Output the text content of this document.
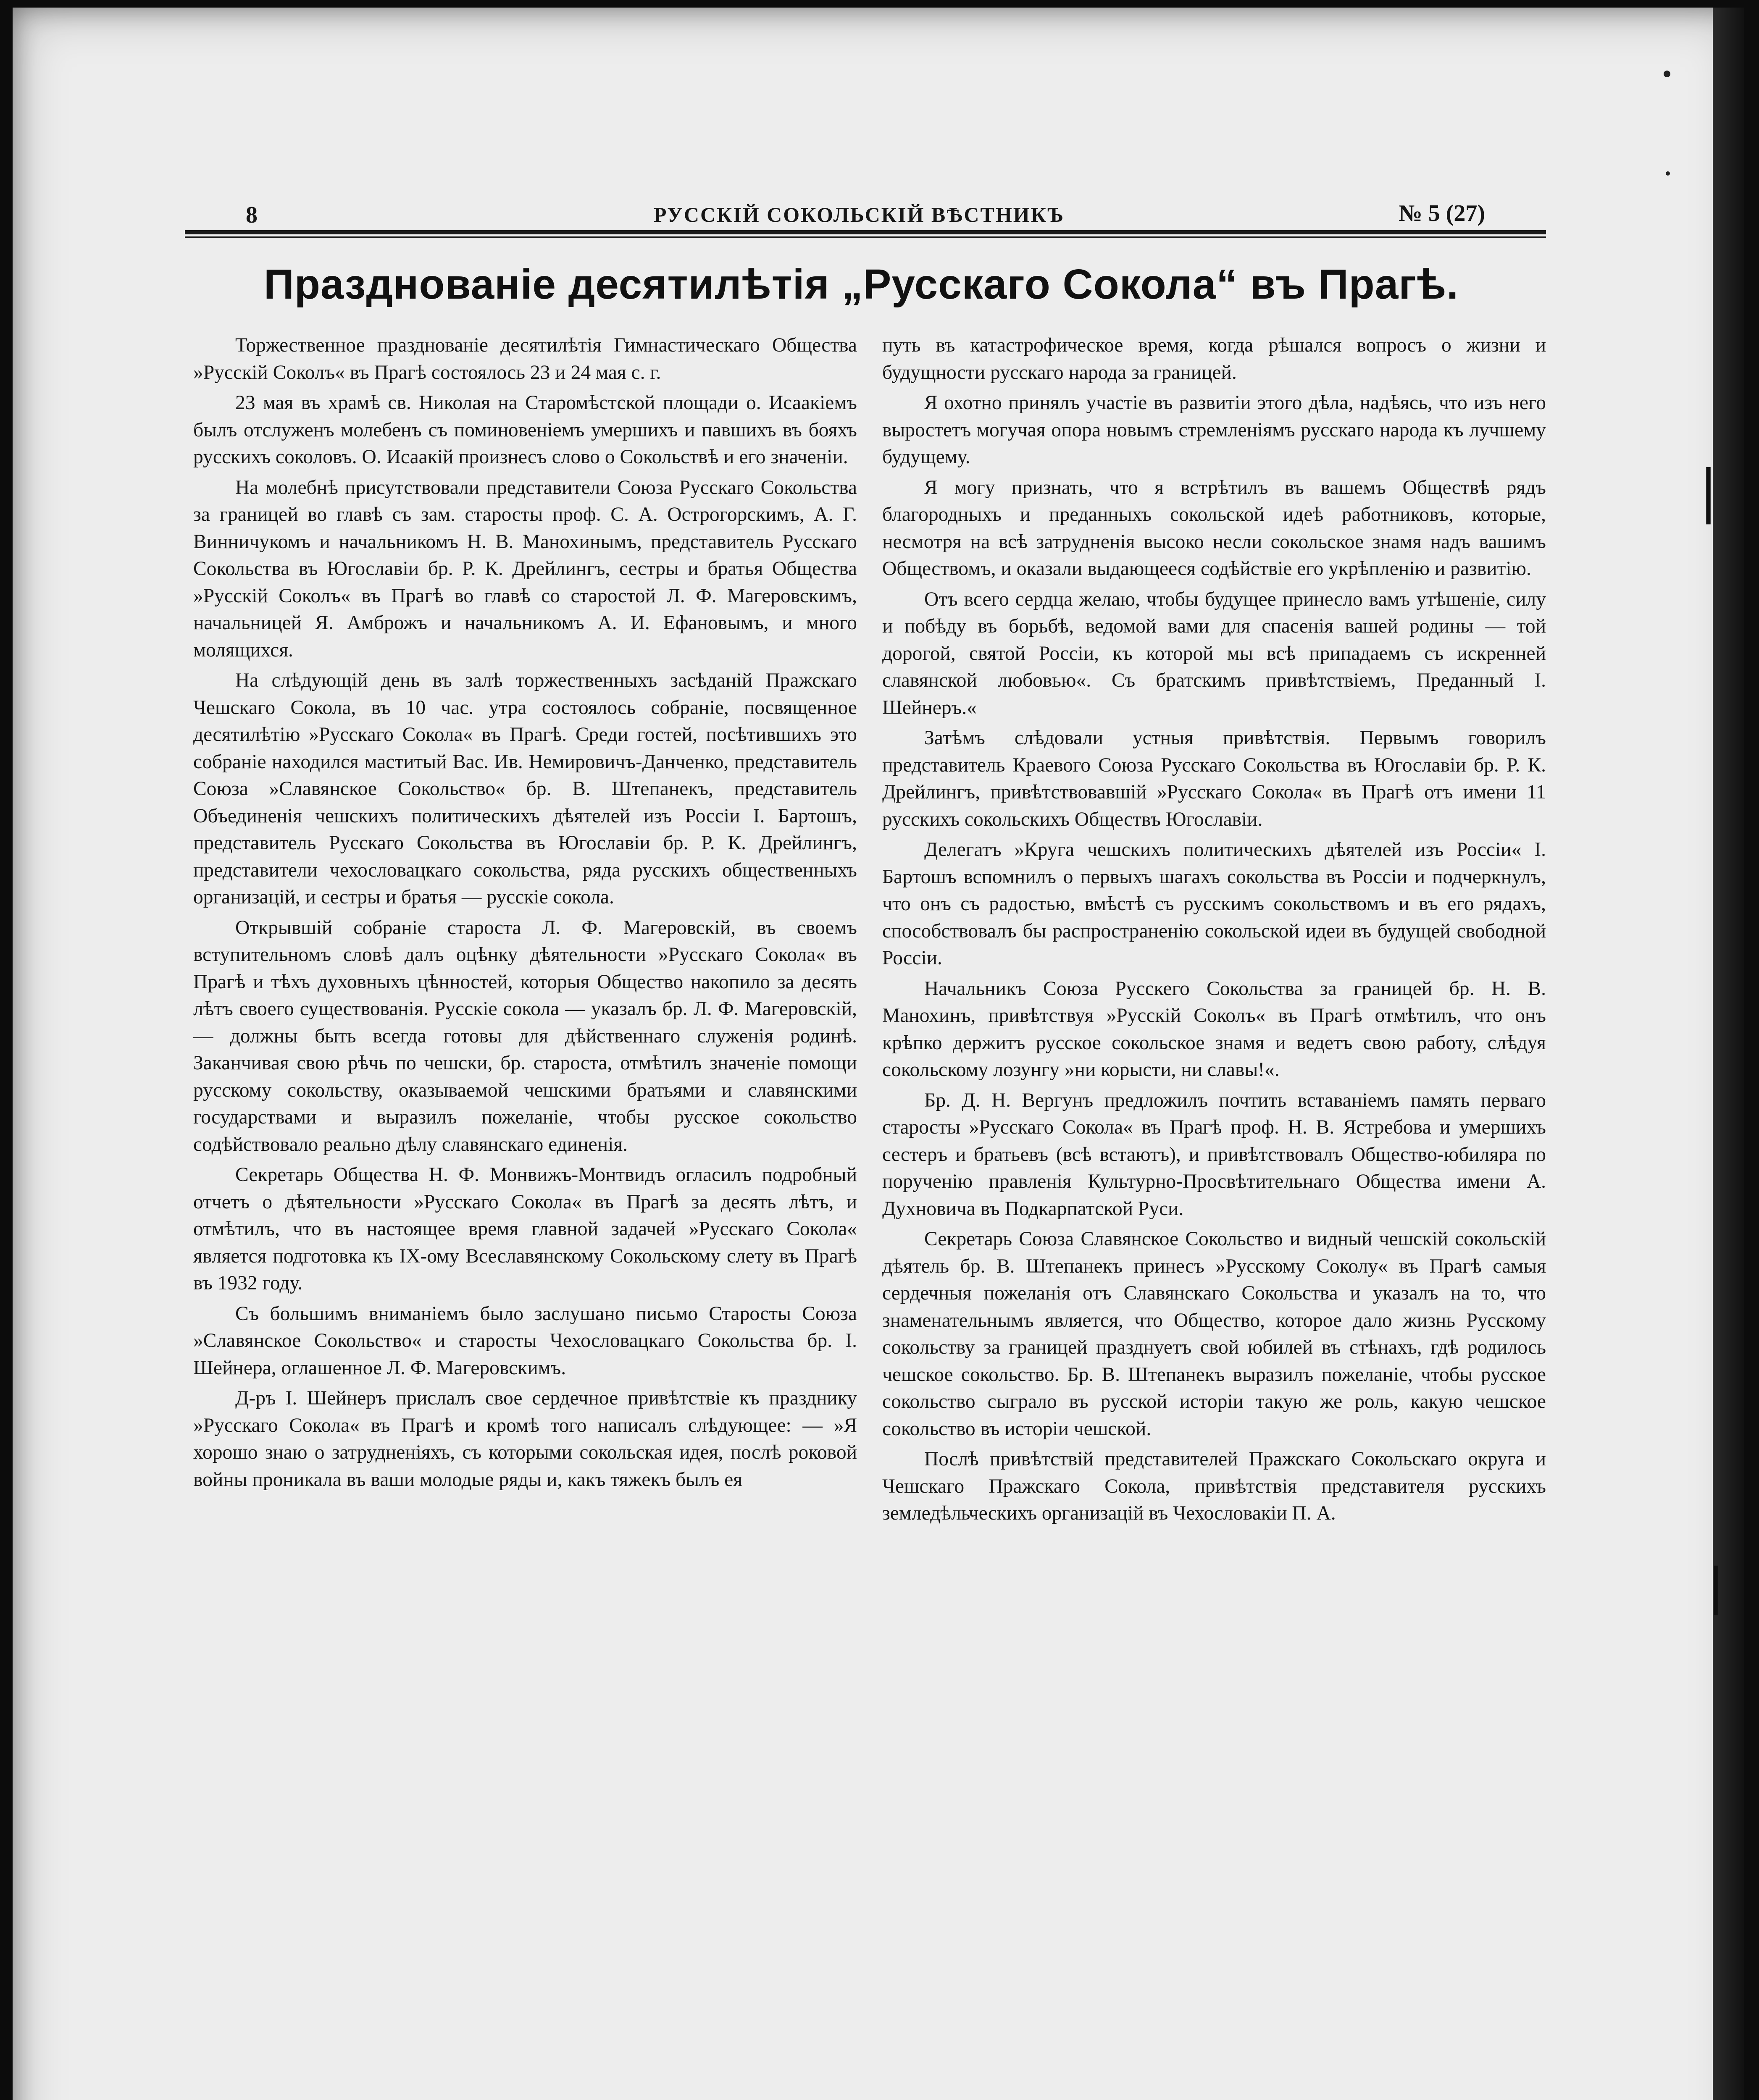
8	РУССКІЙ СОКОЛЬСКІЙ ВѢСТНИКЪ	№ 5 (27)
Празднованіе десятилѣтія „Русскаго Сокола“ въ Прагѣ.

Торжественное празднованіе десятилѣтія Гимнастическаго Общества »Русскій Соколъ« въ Прагѣ состоялось 23 и 24 мая с. г.

23 мая въ храмѣ св. Николая на Старомѣстской площади о. Исаакіемъ былъ отслуженъ молебенъ съ поминовеніемъ умершихъ и павшихъ въ бояхъ русскихъ соколовъ. О. Исаакій произнесъ слово о Сокольствѣ и его значеніи.

На молебнѣ присутствовали представители Союза Русскаго Сокольства за границей во главѣ съ зам. старосты проф. С. А. Острогорскимъ, А. Г. Винничукомъ и начальникомъ Н. В. Манохинымъ, представитель Русскаго Сокольства въ Югославіи бр. Р. К. Дрейлингъ, сестры и братья Общества »Русскій Соколъ« въ Прагѣ во главѣ со старостой Л. Ф. Магеровскимъ, начальницей Я. Амброжъ и начальникомъ А. И. Ефановымъ, и много молящихся.

На слѣдующій день въ залѣ торжественныхъ засѣданій Пражскаго Чешскаго Сокола, въ 10 час. утра состоялось собраніе, посвященное десятилѣтію »Русскаго Сокола« въ Прагѣ. Среди гостей, посѣтившихъ это собраніе находился маститый Вас. Ив. Немировичъ-Данченко, представитель Союза »Славянское Сокольство« бр. В. Штепанекъ, представитель Объединенія чешскихъ политическихъ дѣятелей изъ Россіи І. Бартошъ, представитель Русскаго Сокольства въ Югославіи бр. Р. К. Дрейлингъ, представители чехословацкаго сокольства, ряда русскихъ общественныхъ организацій, и сестры и братья — русскіе сокола.

Открывшій собраніе староста Л. Ф. Магеровскій, въ своемъ вступительномъ словѣ далъ оцѣнку дѣятельности »Русскаго Сокола« въ Прагѣ и тѣхъ духовныхъ цѣнностей, которыя Общество накопило за десять лѣтъ своего существованія. Русскіе сокола — указалъ бр. Л. Ф. Магеровскій, — должны быть всегда готовы для дѣйственнаго служенія родинѣ. Заканчивая свою рѣчь по чешски, бр. староста, отмѣтилъ значеніе помощи русскому сокольству, оказываемой чешскими братьями и славянскими государствами и выразилъ пожеланіе, чтобы русское сокольство содѣйствовало реально дѣлу славянскаго единенія.

Секретарь Общества Н. Ф. Монвижъ-Монтвидъ огласилъ подробный отчетъ о дѣятельности »Русскаго Сокола« въ Прагѣ за десять лѣтъ, и отмѣтилъ, что въ настоящее время главной задачей »Русскаго Сокола« является подготовка къ IX-ому Всеславянскому Сокольскому слету въ Прагѣ въ 1932 году.

Съ большимъ вниманіемъ было заслушано письмо Старосты Союза »Славянское Сокольство« и старосты Чехословацкаго Сокольства бр. І. Шейнера, оглашенное Л. Ф. Магеровскимъ.

Д-ръ І. Шейнеръ прислалъ свое сердечное привѣтствіе къ празднику »Русскаго Сокола« въ Прагѣ и кромѣ того написалъ слѣдующее: — »Я хорошо знаю о затрудненіяхъ, съ которыми сокольская идея, послѣ роковой войны проникала въ ваши молодые ряды и, какъ тяжекъ былъ ея

путь въ катастрофическое время, когда рѣшался вопросъ о жизни и будущности русскаго народа за границей.

Я охотно принялъ участіе въ развитіи этого дѣла, надѣясь, что изъ него выростетъ могучая опора новымъ стремленіямъ русскаго народа къ лучшему будущему.

Я могу признать, что я встрѣтилъ въ вашемъ Обществѣ рядъ благородныхъ и преданныхъ сокольской идеѣ работниковъ, которые, несмотря на всѣ затрудненія высоко несли сокольское знамя надъ вашимъ Обществомъ, и оказали выдающееся содѣйствіе его укрѣпленію и развитію.

Отъ всего сердца желаю, чтобы будущее принесло вамъ утѣшеніе, силу и побѣду въ борьбѣ, ведомой вами для спасенія вашей родины — той дорогой, святой Россіи, къ которой мы всѣ припадаемъ съ искренней славянской любовью«. Съ братскимъ привѣтствіемъ, Преданный І. Шейнеръ.«

Затѣмъ слѣдовали устныя привѣтствія. Первымъ говорилъ представитель Краевого Союза Русскаго Сокольства въ Югославіи бр. Р. К. Дрейлингъ, привѣтствовавшій »Русскаго Сокола« въ Прагѣ отъ имени 11 русскихъ сокольскихъ Обществъ Югославіи.

Делегатъ »Круга чешскихъ политическихъ дѣятелей изъ Россіи« І. Бартошъ вспомнилъ о первыхъ шагахъ сокольства въ Россіи и подчеркнулъ, что онъ съ радостью, вмѣстѣ съ русскимъ сокольствомъ и въ его рядахъ, способствовалъ бы распространенію сокольской идеи въ будущей свободной Россіи.

Начальникъ Союза Русскего Сокольства за границей бр. Н. В. Манохинъ, привѣтствуя »Русскій Соколъ« въ Прагѣ отмѣтилъ, что онъ крѣпко держитъ русское сокольское знамя и ведетъ свою работу, слѣдуя сокольскому лозунгу »ни корысти, ни славы!«.

Бр. Д. Н. Вергунъ предложилъ почтить вставаніемъ память перваго старосты »Русскаго Сокола« въ Прагѣ проф. Н. В. Ястребова и умершихъ сестеръ и братьевъ (всѣ встаютъ), и привѣтствовалъ Общество-юбиляра по порученію правленія Культурно-Просвѣтительнаго Общества имени А. Духновича въ Подкарпатской Руси.

Секретарь Союза Славянское Сокольство и видный чешскій сокольскій дѣятель бр. В. Штепанекъ принесъ »Русскому Соколу« въ Прагѣ самыя сердечныя пожеланія отъ Славянскаго Сокольства и указалъ на то, что знаменательнымъ является, что Общество, которое дало жизнь Русскому сокольству за границей празднуетъ свой юбилей въ стѣнахъ, гдѣ родилось чешское сокольство. Бр. В. Штепанекъ выразилъ пожеланіе, чтобы русское сокольство сыграло въ русской исторіи такую же роль, какую чешское сокольство въ исторіи чешской.

Послѣ привѣтствій представителей Пражскаго Сокольскаго округа и Чешскаго Пражскаго Сокола, привѣтствія представителя русскихъ земледѣльческихъ организацій въ Чехословакіи П. А.

|
|
